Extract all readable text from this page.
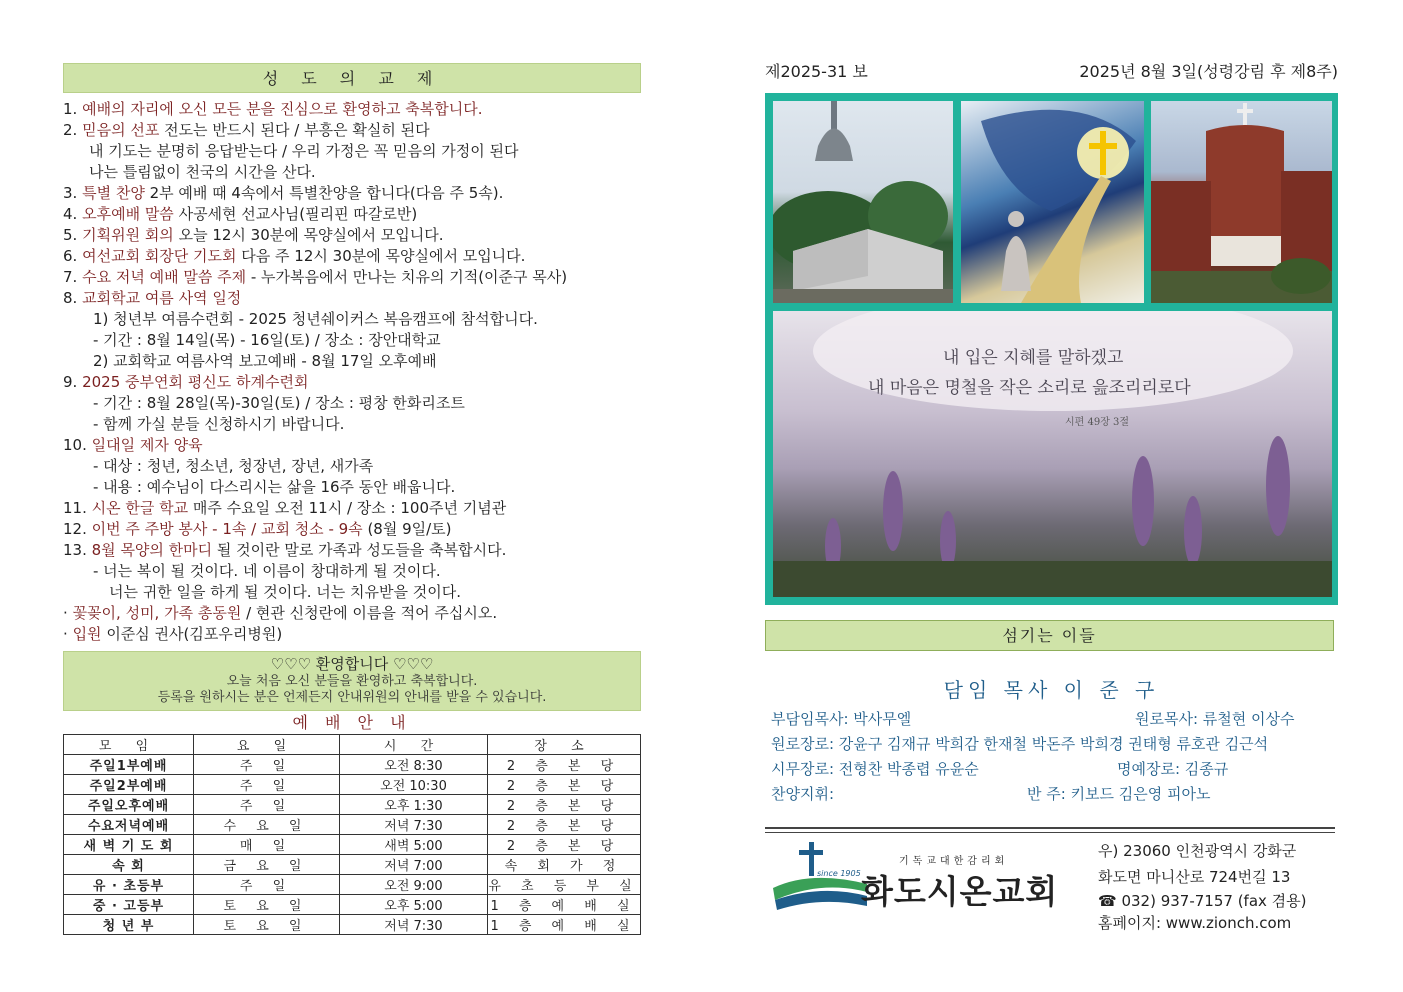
성 도 의 교 제
1. 예배의 자리에 오신 모든 분을 진심으로 환영하고 축복합니다.
2. 믿음의 선포 전도는 반드시 된다 / 부흥은 확실히 된다
내 기도는 분명히 응답받는다 / 우리 가정은 꼭 믿음의 가정이 된다
나는 틀림없이 천국의 시간을 산다.
3. 특별 찬양 2부 예배 때 4속에서 특별찬양을 합니다(다음 주 5속).
4. 오후예배 말씀 사공세현 선교사님(필리핀 따갈로반)
5. 기획위원 회의 오늘 12시 30분에 목양실에서 모입니다.
6. 여선교회 회장단 기도회 다음 주 12시 30분에 목양실에서 모입니다.
7. 수요 저녁 예배 말씀 주제 - 누가복음에서 만나는 치유의 기적(이준구 목사)
8. 교회학교 여름 사역 일정
1) 청년부 여름수련회 - 2025 청년쉐이커스 복음캠프에 참석합니다.
- 기간 : 8월 14일(목) - 16일(토) / 장소 : 장안대학교
2) 교회학교 여름사역 보고예배 - 8월 17일 오후예배
9. 2025 중부연회 평신도 하계수련회
- 기간 : 8월 28일(목)-30일(토) / 장소 : 평창 한화리조트
- 함께 가실 분들 신청하시기 바랍니다.
10. 일대일 제자 양육
- 대상 : 청년, 청소년, 청장년, 장년, 새가족
- 내용 : 예수님이 다스리시는 삶을 16주 동안 배웁니다.
11. 시온 한글 학교 매주 수요일 오전 11시 / 장소 : 100주년 기념관
12. 이번 주 주방 봉사 - 1속 / 교회 청소 - 9속 (8월 9일/토)
13. 8월 목양의 한마디 될 것이란 말로 가족과 성도들을 축복합시다.
- 너는 복이 될 것이다. 네 이름이 창대하게 될 것이다.
너는 귀한 일을 하게 될 것이다. 너는 치유받을 것이다.
· 꽃꽂이, 성미, 가족 총동원 / 현관 신청란에 이름을 적어 주십시오.
· 입원 이준심 권사(김포우리병원)
♡♡♡ 환영합니다 ♡♡♡
오늘 처음 오신 분들을 환영하고 축복합니다.
등록을 원하시는 분은 언제든지 안내위원의 안내를 받을 수 있습니다.
예 배 안 내
모 임	요 일	시 간	장 소
주일1부예배	주 일	오전 8:30	2 층 본 당
주일2부예배	주 일	오전 10:30	2 층 본 당
주일오후예배	주 일	오후 1:30	2 층 본 당
수요저녁예배	수 요 일	저녁 7:30	2 층 본 당
새 벽 기 도 회	매 일	새벽 5:00	2 층 본 당
속 회	금 요 일	저녁 7:00	속 회 가 정
유 · 초등부	주 일	오전 9:00	유 초 등 부 실
중 · 고등부	토 요 일	오후 5:00	1 층 예 배 실
청 년 부	토 요 일	저녁 7:30	1 층 예 배 실
제2025-31 보	2025년 8월 3일(성령강림 후 제8주)
내 입은 지혜를 말하겠고
내 마음은 명철을 작은 소리로 읊조리리로다
시편 49장 3절
섬기는 이들
담임 목사 이 준 구
부담임목사: 박사무엘	원로목사: 류철현 이상수
원로장로: 강윤구 김재규 박희감 한재철 박돈주 박희경 권태형 류호관 김근석
시무장로: 전형찬 박종렵 유윤순	명예장로: 김종규
찬양지휘:	반 주: 키보드 김은영 피아노
since 1905
기독교대한감리회
화도시온교회
우) 23060 인천광역시 강화군
화도면 마니산로 724번길 13
☎ 032) 937-7157 (fax 겸용)
홈페이지: www.zionch.com
